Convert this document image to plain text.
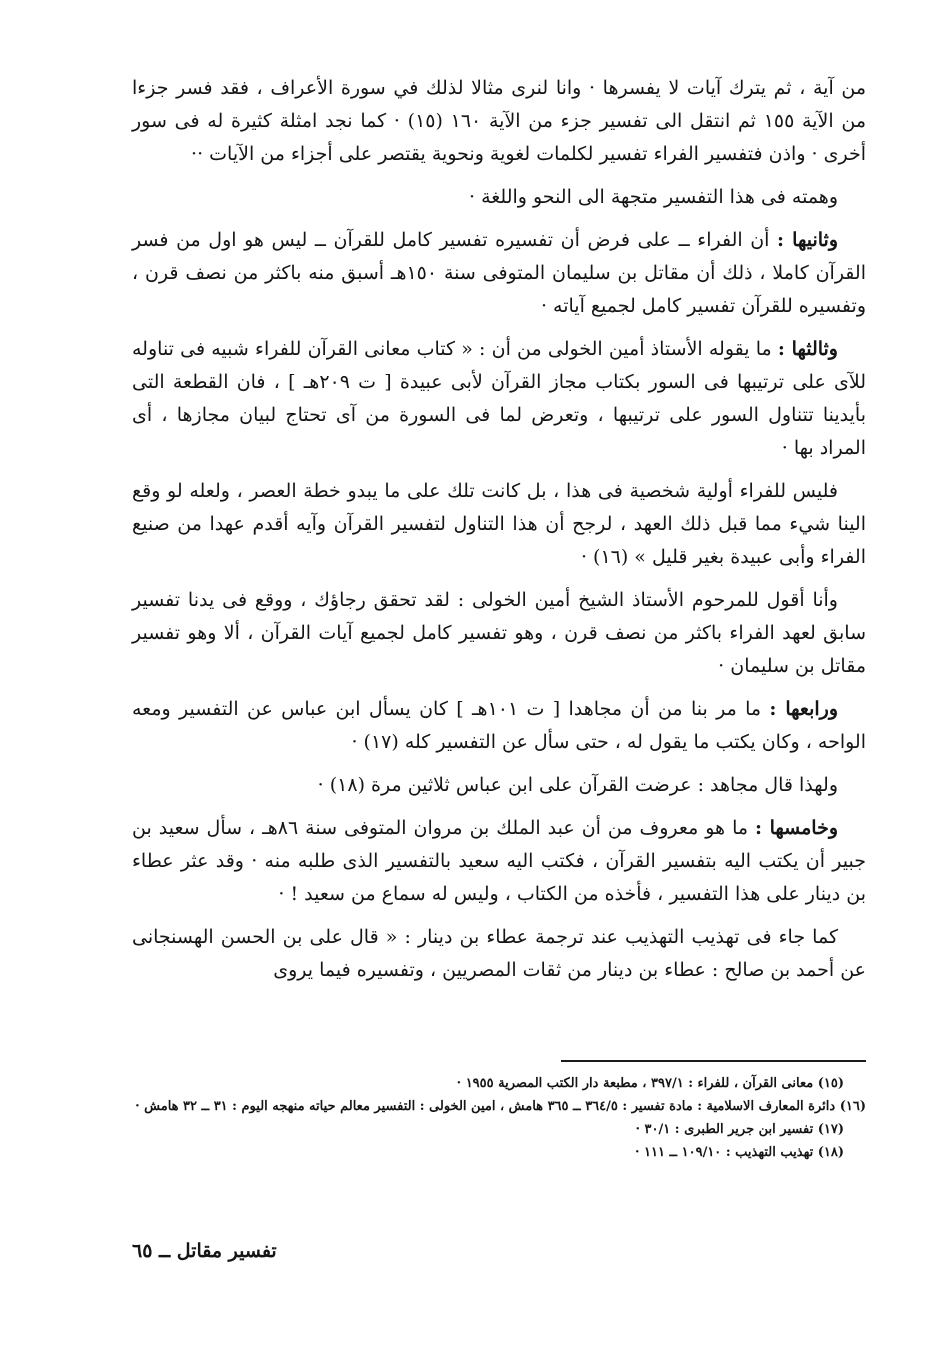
من آية ، ثم يترك آيات لا يفسرها · وانا لنرى مثالا لذلك في سورة الأعراف ، فقد فسر جزءا من الآية ١٥٥ ثم انتقل الى تفسير جزء من الآية ١٦٠ (١٥) · كما نجد امثلة كثيرة له فى سور أخرى · واذن فتفسير الفراء تفسير لكلمات لغوية ونحوية يقتصر على أجزاء من الآيات ··

وهمته فى هذا التفسير متجهة الى النحو واللغة ·

وثانيها : أن الفراء ــ على فرض أن تفسيره تفسير كامل للقرآن ــ ليس هو اول من فسر القرآن كاملا ، ذلك أن مقاتل بن سليمان المتوفى سنة ١٥٠هـ أسبق منه باكثر من نصف قرن ، وتفسيره للقرآن تفسير كامل لجميع آياته ·

وثالثها : ما يقوله الأستاذ أمين الخولى من أن : « كتاب معانى القرآن للفراء شبيه فى تناوله للآى على ترتيبها فى السور بكتاب مجاز القرآن لأبى عبيدة [ ت ٢٠٩هـ ] ، فان القطعة التى بأيدينا تتناول السور على ترتيبها ، وتعرض لما فى السورة من آى تحتاج لبيان مجازها ، أى المراد بها ·

فليس للفراء أولية شخصية فى هذا ، بل كانت تلك على ما يبدو خطة العصر ، ولعله لو وقع الينا شيء مما قبل ذلك العهد ، لرجح أن هذا التناول لتفسير القرآن وآيه أقدم عهدا من صنيع الفراء وأبى عبيدة بغير قليل » (١٦) ·

وأنا أقول للمرحوم الأستاذ الشيخ أمين الخولى : لقد تحقق رجاؤك ، ووقع فى يدنا تفسير سابق لعهد الفراء باكثر من نصف قرن ، وهو تفسير كامل لجميع آيات القرآن ، ألا وهو تفسير مقاتل بن سليمان ·

ورابعها : ما مر بنا من أن مجاهدا [ ت ١٠١هـ ] كان يسأل ابن عباس عن التفسير ومعه الواحه ، وكان يكتب ما يقول له ، حتى سأل عن التفسير كله (١٧) ·

ولهذا قال مجاهد : عرضت القرآن على ابن عباس ثلاثين مرة (١٨) ·

وخامسها : ما هو معروف من أن عبد الملك بن مروان المتوفى سنة ٨٦هـ ، سأل سعيد بن جبير أن يكتب اليه بتفسير القرآن ، فكتب اليه سعيد بالتفسير الذى طلبه منه · وقد عثر عطاء بن دينار على هذا التفسير ، فأخذه من الكتاب ، وليس له سماع من سعيد ! ·

كما جاء فى تهذيب التهذيب عند ترجمة عطاء بن دينار : « قال على بن الحسن الهسنجانى عن أحمد بن صالح : عطاء بن دينار من ثقات المصريين ، وتفسيره فيما يروى

(١٥) معانى القرآن ، للفراء : ٣٩٧/١ ، مطبعة دار الكتب المصرية ١٩٥٥ ·

(١٦) دائرة المعارف الاسلامية : مادة تفسير : ٣٦٤/٥ ــ ٣٦٥ هامش ، امين الخولى : التفسير معالم حياته منهجه اليوم : ٣١ ــ ٣٢ هامش ·

(١٧) تفسير ابن جرير الطبرى : ٣٠/١ ·

(١٨) تهذيب التهذيب : ١٠٩/١٠ ــ ١١١ ·

تفسير مقاتل ــ ٦٥
